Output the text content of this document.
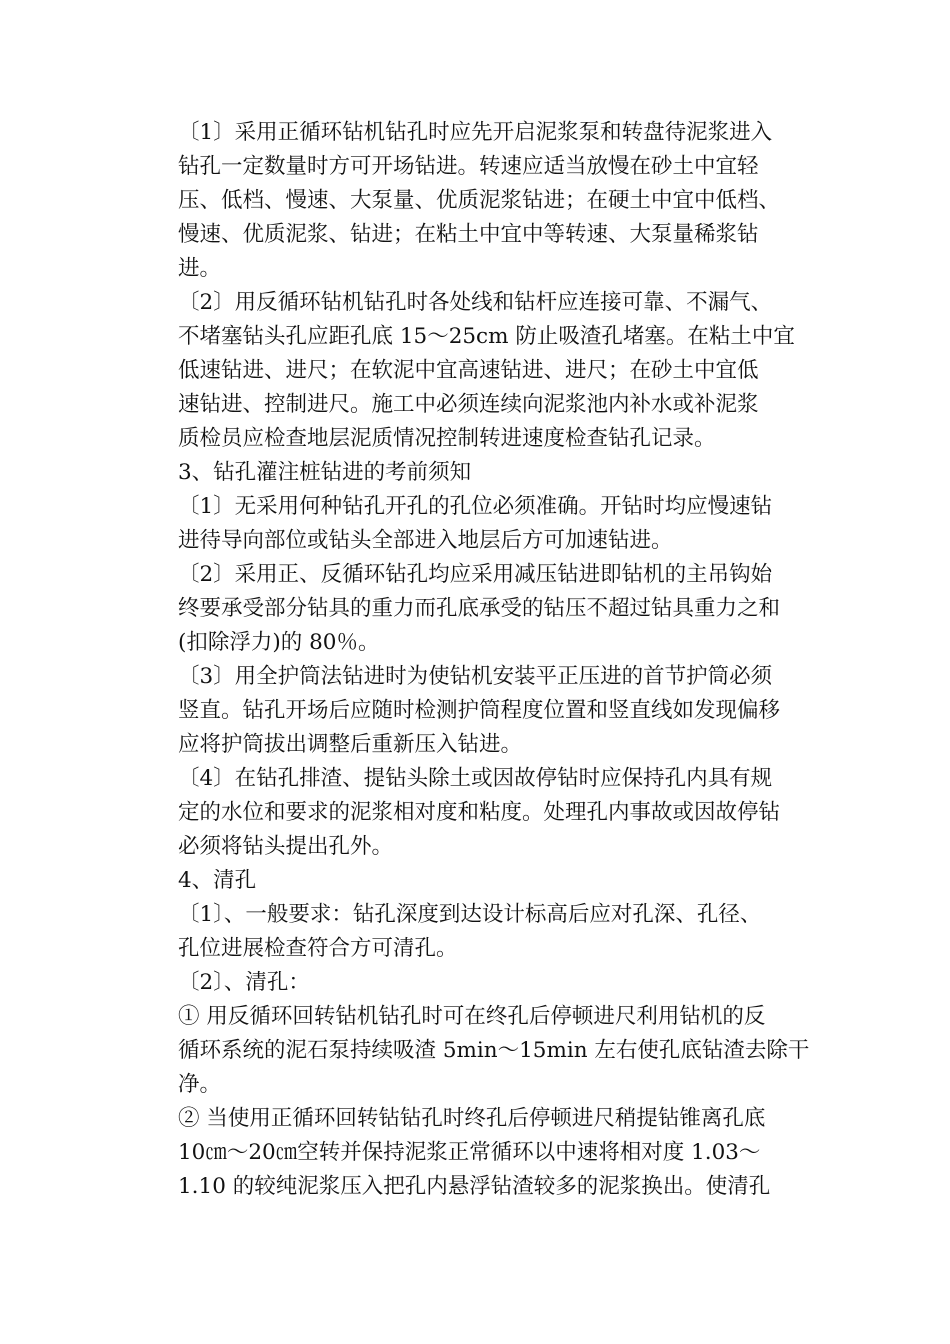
〔1〕采用正循环钻机钻孔时应先开启泥浆泵和转盘待泥浆进入
钻孔一定数量时方可开场钻进。转速应适当放慢在砂土中宜轻
压、低档、慢速、大泵量、优质泥浆钻进；在硬土中宜中低档、
慢速、优质泥浆、钻进；在粘土中宜中等转速、大泵量稀浆钻
进。
〔2〕用反循环钻机钻孔时各处线和钻杆应连接可靠、不漏气、
不堵塞钻头孔应距孔底 15～25cm 防止吸渣孔堵塞。在粘土中宜
低速钻进、进尺；在软泥中宜高速钻进、进尺；在砂土中宜低
速钻进、控制进尺。施工中必须连续向泥浆池内补水或补泥浆
质检员应检查地层泥质情况控制转进速度检查钻孔记录。
3、钻孔灌注桩钻进的考前须知
〔1〕无采用何种钻孔开孔的孔位必须准确。开钻时均应慢速钻
进待导向部位或钻头全部进入地层后方可加速钻进。
〔2〕采用正、反循环钻孔均应采用减压钻进即钻机的主吊钩始
终要承受部分钻具的重力而孔底承受的钻压不超过钻具重力之和
(扣除浮力)的 80％。
〔3〕用全护筒法钻进时为使钻机安装平正压进的首节护筒必须
竖直。钻孔开场后应随时检测护筒程度位置和竖直线如发现偏移
应将护筒拔出调整后重新压入钻进。
〔4〕在钻孔排渣、提钻头除土或因故停钻时应保持孔内具有规
定的水位和要求的泥浆相对度和粘度。处理孔内事故或因故停钻
必须将钻头提出孔外。
4、清孔
〔1〕、一般要求：钻孔深度到达设计标高后应对孔深、孔径、
孔位进展检查符合方可清孔。
〔2〕、清孔：
① 用反循环回转钻机钻孔时可在终孔后停顿进尺利用钻机的反
循环系统的泥石泵持续吸渣 5min～15min 左右使孔底钻渣去除干
净。
② 当使用正循环回转钻钻孔时终孔后停顿进尺稍提钻锥离孔底
10㎝～20㎝空转并保持泥浆正常循环以中速将相对度 1.03～
1.10 的较纯泥浆压入把孔内悬浮钻渣较多的泥浆换出。使清孔
